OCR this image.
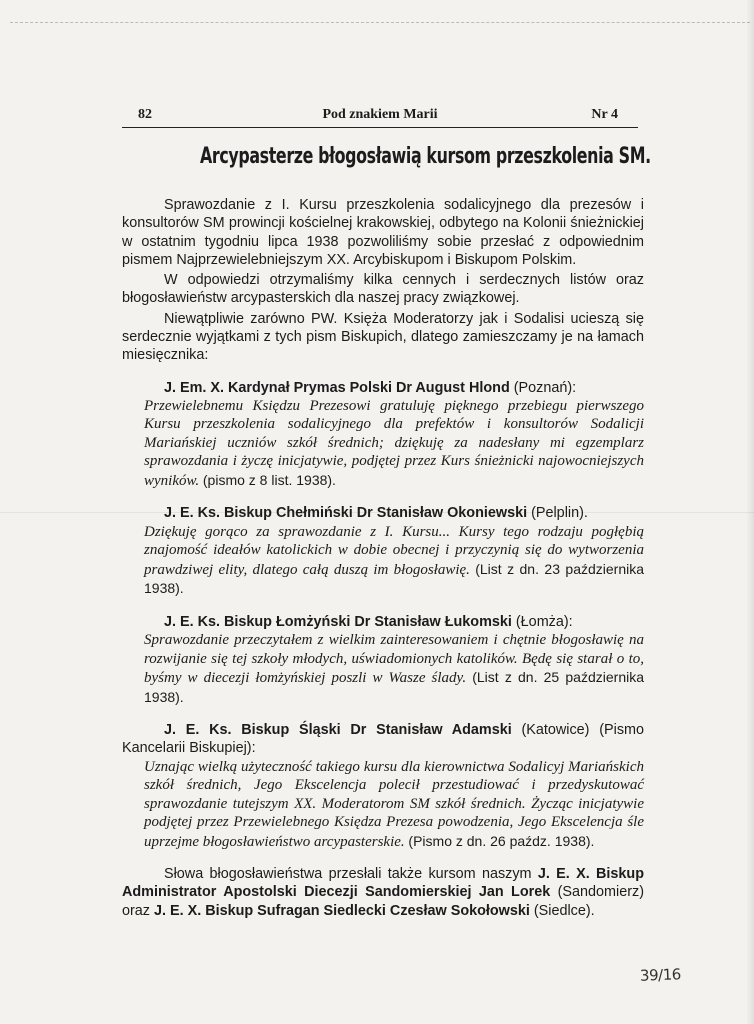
82	Pod znakiem Marii	Nr 4
Arcypasterze błogosławią kursom przeszkolenia SM.

Sprawozdanie z I. Kursu przeszkolenia sodalicyjnego dla prezesów i konsultorów SM prowincji kościelnej krakowskiej, odbytego na Kolonii śnieżnickiej w ostatnim tygodniu lipca 1938 pozwoliliśmy sobie przesłać z odpowiednim pismem Najprzewielebniejszym XX. Arcybiskupom i Biskupom Polskim.

W odpowiedzi otrzymaliśmy kilka cennych i serdecznych listów oraz błogosławieństw arcypasterskich dla naszej pracy związkowej.

Niewątpliwie zarówno PW. Księża Moderatorzy jak i Sodalisi ucieszą się serdecznie wyjątkami z tych pism Biskupich, dlatego zamieszczamy je na łamach miesięcznika:

J. Em. X. Kardynał Prymas Polski Dr August Hlond (Poznań):

Przewielebnemu Księdzu Prezesowi gratuluję pięknego przebiegu pierwszego Kursu przeszkolenia sodalicyjnego dla prefektów i konsultorów Sodalicji Mariańskiej uczniów szkół średnich; dziękuję za nadesłany mi egzemplarz sprawozdania i życzę inicjatywie, podjętej przez Kurs śnieżnicki najowocniejszych wyników. (pismo z 8 list. 1938).

J. E. Ks. Biskup Chełmiński Dr Stanisław Okoniewski (Pelplin).

Dziękuję gorąco za sprawozdanie z I. Kursu... Kursy tego rodzaju pogłębią znajomość ideałów katolickich w dobie obecnej i przyczynią się do wytworzenia prawdziwej elity, dlatego całą duszą im błogosławię. (List z dn. 23 października 1938).

J. E. Ks. Biskup Łomżyński Dr Stanisław Łukomski (Łomża):

Sprawozdanie przeczytałem z wielkim zainteresowaniem i chętnie błogosławię na rozwijanie się tej szkoły młodych, uświadomionych katolików. Będę się starał o to, byśmy w diecezji łomżyńskiej poszli w Wasze ślady. (List z dn. 25 października 1938).

J. E. Ks. Biskup Śląski Dr Stanisław Adamski (Katowice) (Pismo Kancelarii Biskupiej):

Uznając wielką użyteczność takiego kursu dla kierownictwa Sodalicyj Mariańskich szkół średnich, Jego Ekscelencja polecił przestudiować i przedyskutować sprawozdanie tutejszym XX. Moderatorom SM szkół średnich. Życząc inicjatywie podjętej przez Przewielebnego Księdza Prezesa powodzenia, Jego Ekscelencja śle uprzejme błogosławieństwo arcypasterskie. (Pismo z dn. 26 paźdz. 1938).

Słowa błogosławieństwa przesłali także kursom naszym J. E. X. Biskup Administrator Apostolski Diecezji Sandomierskiej Jan Lorek (Sandomierz) oraz J. E. X. Biskup Sufragan Siedlecki Czesław Sokołowski (Siedlce).

39/16
